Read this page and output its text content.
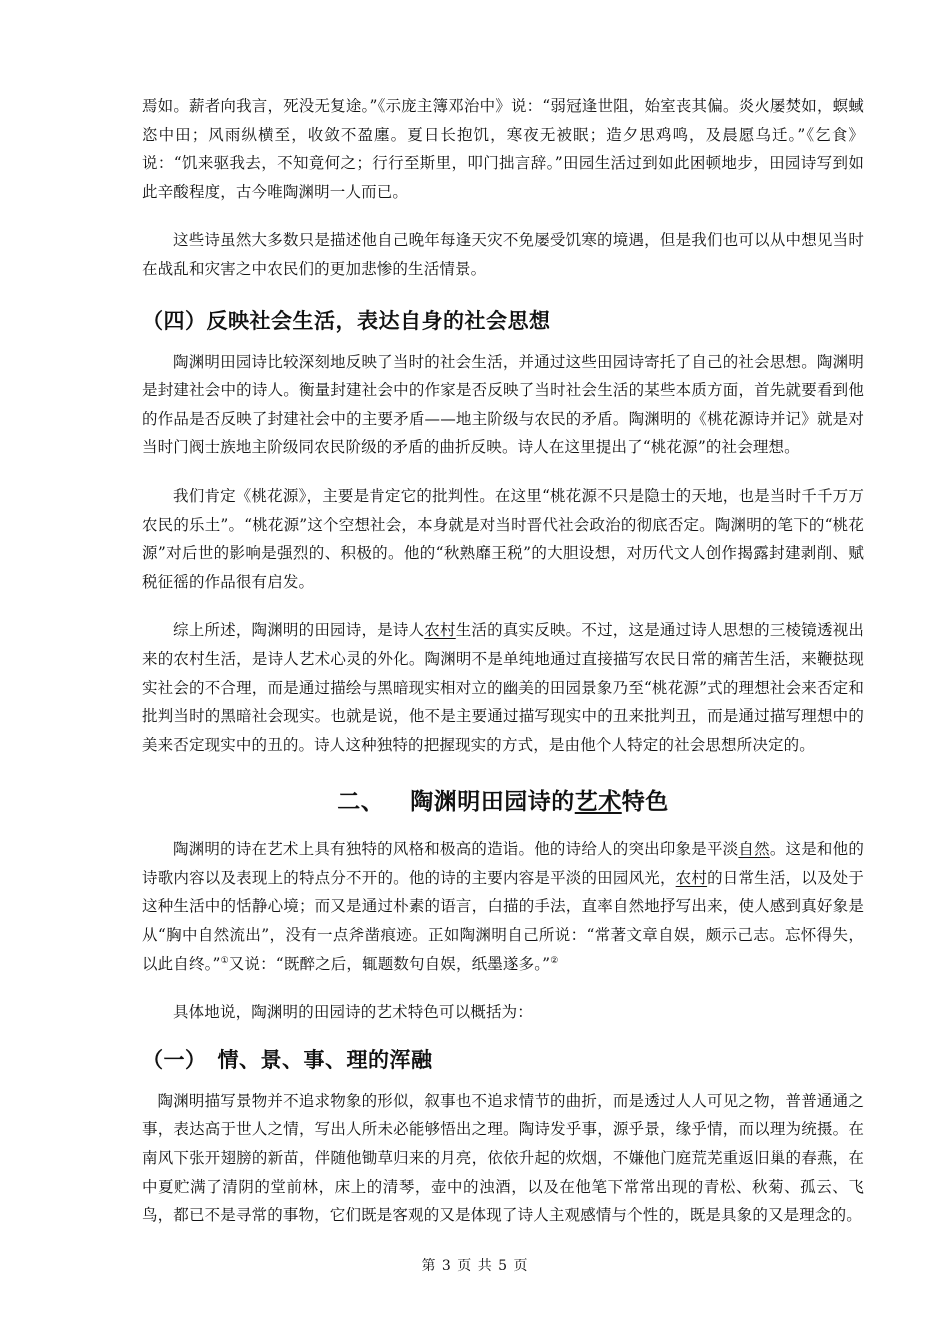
焉如。薪者向我言，死没无复途。”《示庞主簿邓治中》说：“弱冠逢世阻，始室丧其偏。炎火屡焚如，螟蜮恣中田；风雨纵横至，收敛不盈廛。夏日长抱饥，寒夜无被眠；造夕思鸡鸣，及晨愿乌迁。”《乞食》说：“饥来驱我去，不知竟何之；行行至斯里，叩门拙言辞。”田园生活过到如此困顿地步，田园诗写到如此辛酸程度，古今唯陶渊明一人而已。

这些诗虽然大多数只是描述他自己晚年每逢天灾不免屡受饥寒的境遇，但是我们也可以从中想见当时在战乱和灾害之中农民们的更加悲惨的生活情景。

（四）反映社会生活，表达自身的社会思想

陶渊明田园诗比较深刻地反映了当时的社会生活，并通过这些田园诗寄托了自己的社会思想。陶渊明是封建社会中的诗人。衡量封建社会中的作家是否反映了当时社会生活的某些本质方面，首先就要看到他的作品是否反映了封建社会中的主要矛盾——地主阶级与农民的矛盾。陶渊明的《桃花源诗并记》就是对当时门阀士族地主阶级同农民阶级的矛盾的曲折反映。诗人在这里提出了“桃花源”的社会理想。

我们肯定《桃花源》，主要是肯定它的批判性。在这里“桃花源不只是隐士的天地，也是当时千千万万农民的乐土”。“桃花源”这个空想社会，本身就是对当时晋代社会政治的彻底否定。陶渊明的笔下的“桃花源”对后世的影响是强烈的、积极的。他的“秋熟靡王税”的大胆设想，对历代文人创作揭露封建剥削、赋税征徭的作品很有启发。

综上所述，陶渊明的田园诗，是诗人农村生活的真实反映。不过，这是通过诗人思想的三棱镜透视出来的农村生活，是诗人艺术心灵的外化。陶渊明不是单纯地通过直接描写农民日常的痛苦生活，来鞭挞现实社会的不合理，而是通过描绘与黑暗现实相对立的幽美的田园景象乃至“桃花源”式的理想社会来否定和批判当时的黑暗社会现实。也就是说，他不是主要通过描写现实中的丑来批判丑，而是通过描写理想中的美来否定现实中的丑的。诗人这种独特的把握现实的方式，是由他个人特定的社会思想所决定的。

二、 陶渊明田园诗的艺术特色

陶渊明的诗在艺术上具有独特的风格和极高的造诣。他的诗给人的突出印象是平淡自然。这是和他的诗歌内容以及表现上的特点分不开的。他的诗的主要内容是平淡的田园风光，农村的日常生活，以及处于这种生活中的恬静心境；而又是通过朴素的语言，白描的手法，直率自然地抒写出来，使人感到真好象是从“胸中自然流出”，没有一点斧凿痕迹。正如陶渊明自己所说：“常著文章自娱，颇示己志。忘怀得失，以此自终。”①又说：“既醉之后，辄题数句自娱，纸墨遂多。”②

具体地说，陶渊明的田园诗的艺术特色可以概括为：

（一）　情、景、事、理的浑融

陶渊明描写景物并不追求物象的形似，叙事也不追求情节的曲折，而是透过人人可见之物，普普通通之事，表达高于世人之情，写出人所未必能够悟出之理。陶诗发乎事，源乎景，缘乎情，而以理为统摄。在南风下张开翅膀的新苗，伴随他锄草归来的月亮，依依升起的炊烟，不嫌他门庭荒芜重返旧巢的春燕，在中夏贮满了清阴的堂前林，床上的清琴，壶中的浊酒，以及在他笔下常常出现的青松、秋菊、孤云、飞鸟，都已不是寻常的事物，它们既是客观的又是体现了诗人主观感情与个性的，既是具象的又是理念的。

第 3 页 共 5 页
